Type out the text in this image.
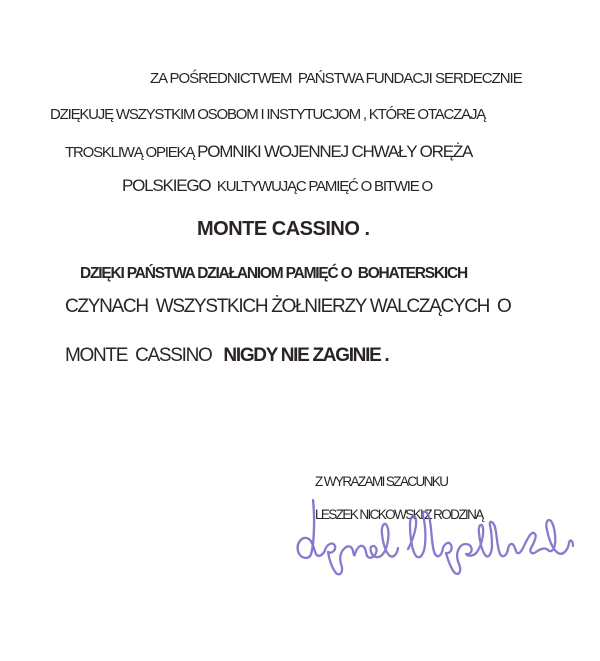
ZA POŚREDNICTWEM  PAŃSTWA FUNDACJI SERDECZNIE
DZIĘKUJĘ WSZYSTKIM OSOBOM I INSTYTUCJOM , KTÓRE OTACZAJĄ
TROSKLIWĄ OPIEKĄ POMNIKI WOJENNEJ CHWAŁY ORĘŻA
POLSKIEGO  KULTYWUJĄC PAMIĘĆ O BITWIE O
MONTE CASSINO .
DZIĘKI PAŃSTWA DZIAŁANIOM PAMIĘĆ O  BOHATERSKICH
CZYNACH  WSZYSTKICH ŻOŁNIERZY WALCZĄCYCH  O
MONTE  CASSINO   NIGDY NIE ZAGINIE .
Z WYRAZAMI SZACUNKU
LESZEK NICKOWSKI Z RODZINĄ
